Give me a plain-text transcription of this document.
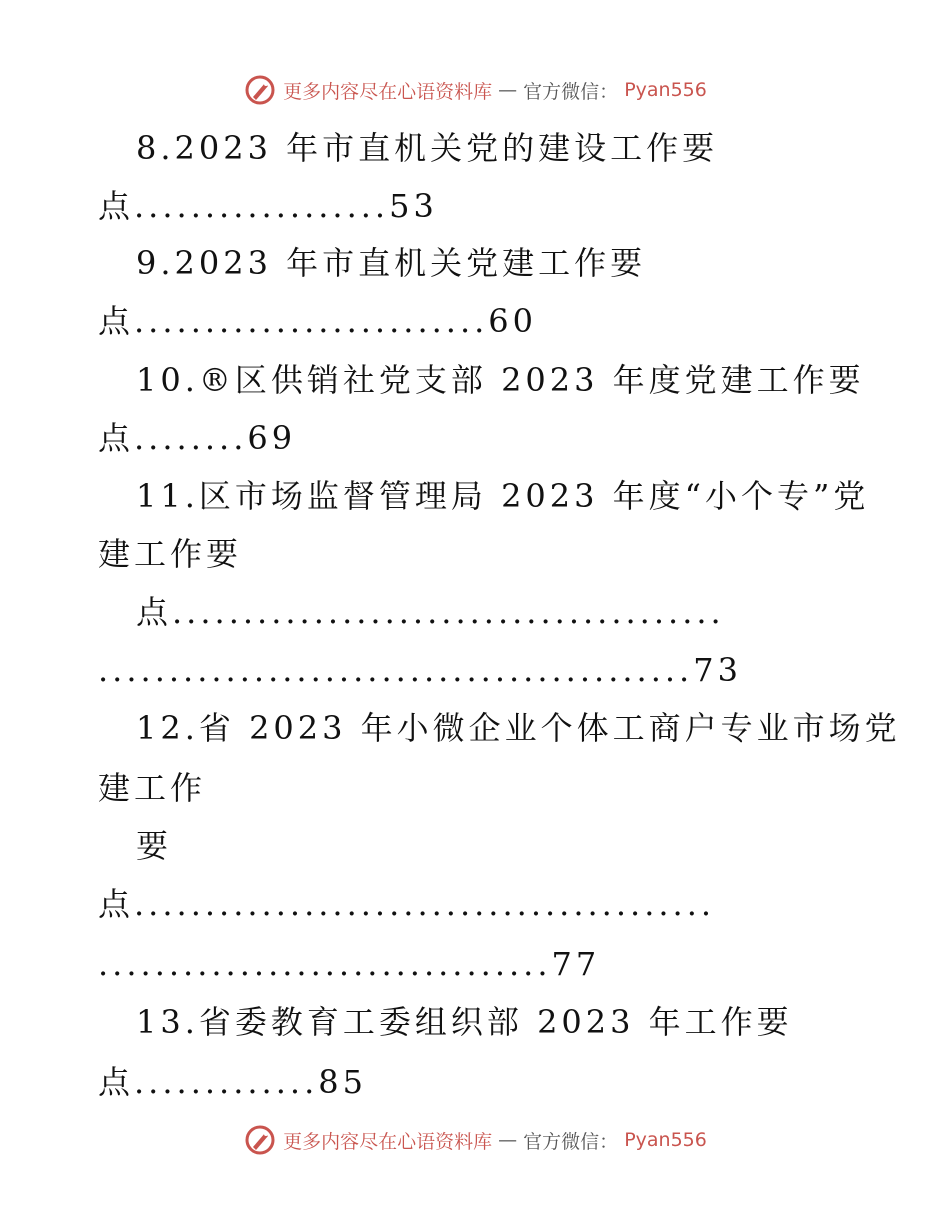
更多内容尽在心语资料库 — 官方微信： Pyan556
8.2023 年市直机关党的建设工作要
点..................53
9.2023 年市直机关党建工作要
点.........................60
10.®区供销社党支部 2023 年度党建工作要
点........69
11.区市场监督管理局 2023 年度“小个专”党
建工作要
点.......................................
..........................................73
12.省 2023 年小微企业个体工商户专业市场党
建工作
要
点.........................................
................................77
13.省委教育工委组织部 2023 年工作要
点.............85
更多内容尽在心语资料库 — 官方微信： Pyan556
